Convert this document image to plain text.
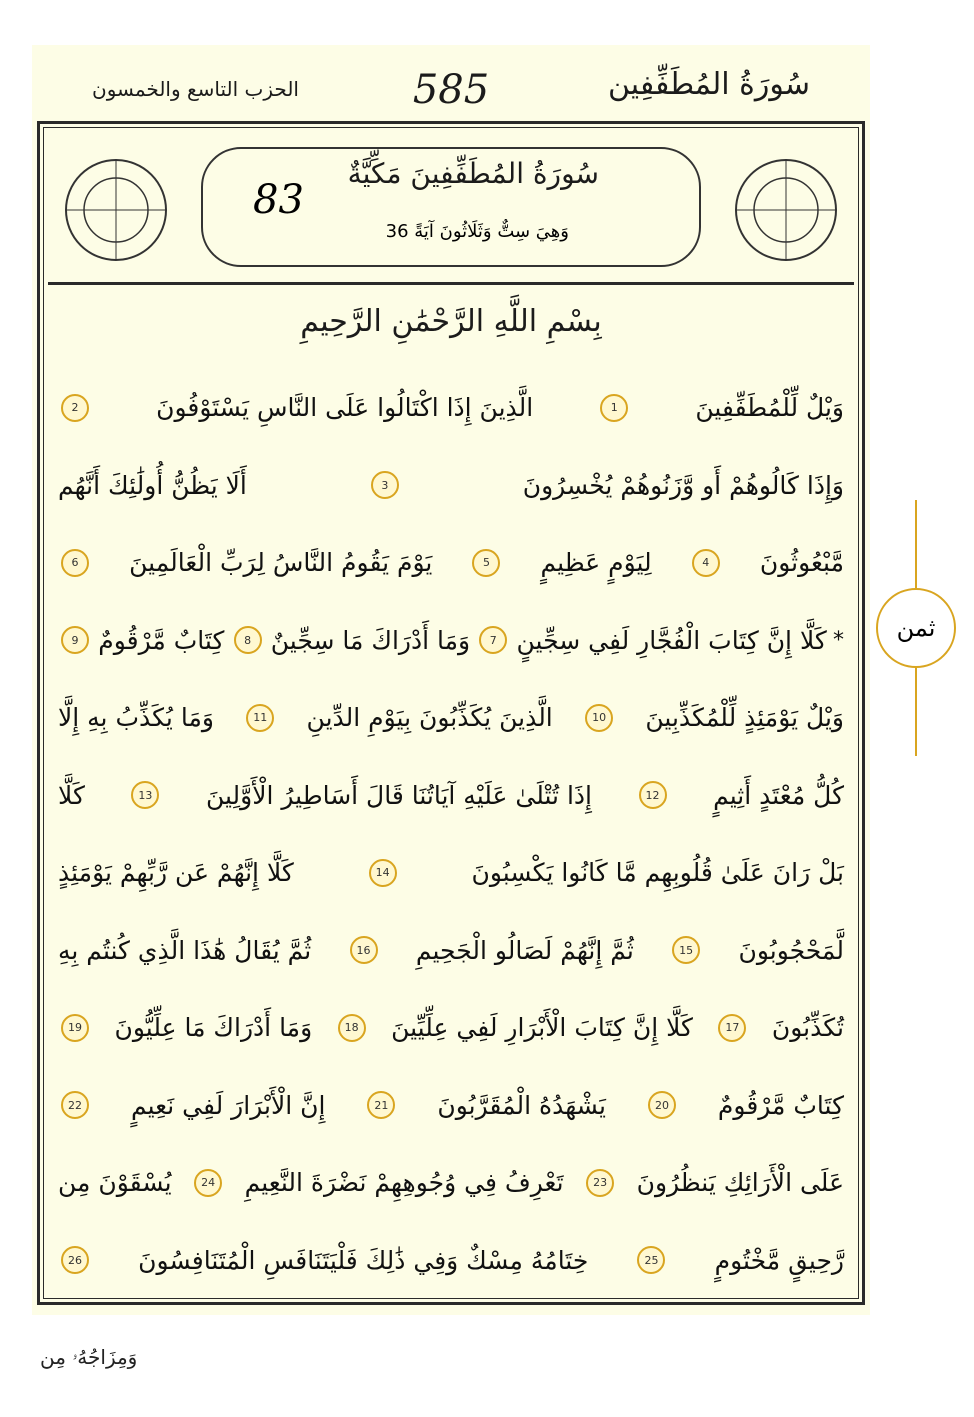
سُورَةُ المُطَفِّفِين
585
الحزب التاسع والخمسون
سُورَةُ المُطَفِّفِينَ مَكِّيَّةٌ
83
وَهِيَ سِتٌّ وَثَلَاثُونَ آيَةً 36
بِسْمِ اللَّهِ الرَّحْمَٰنِ الرَّحِيمِ
وَيْلٌ لِّلْمُطَفِّفِينَ
1
الَّذِينَ إِذَا اكْتَالُوا عَلَى النَّاسِ يَسْتَوْفُونَ
2
وَإِذَا كَالُوهُمْ أَو وَّزَنُوهُمْ يُخْسِرُونَ
3
أَلَا يَظُنُّ أُولَٰئِكَ أَنَّهُم
مَّبْعُوثُونَ
4
لِيَوْمٍ عَظِيمٍ
5
يَوْمَ يَقُومُ النَّاسُ لِرَبِّ الْعَالَمِينَ
6
*
كَلَّا إِنَّ كِتَابَ الْفُجَّارِ لَفِي سِجِّينٍ
7
وَمَا أَدْرَاكَ مَا سِجِّينٌ
8
كِتَابٌ مَّرْقُومٌ
9
وَيْلٌ يَوْمَئِذٍ لِّلْمُكَذِّبِينَ
10
الَّذِينَ يُكَذِّبُونَ بِيَوْمِ الدِّينِ
11
وَمَا يُكَذِّبُ بِهِ إِلَّا
كُلُّ مُعْتَدٍ أَثِيمٍ
12
إِذَا تُتْلَىٰ عَلَيْهِ آيَاتُنَا قَالَ أَسَاطِيرُ الْأَوَّلِينَ
13
كَلَّا
بَلْ رَانَ عَلَىٰ قُلُوبِهِم مَّا كَانُوا يَكْسِبُونَ
14
كَلَّا إِنَّهُمْ عَن رَّبِّهِمْ يَوْمَئِذٍ
لَّمَحْجُوبُونَ
15
ثُمَّ إِنَّهُمْ لَصَالُو الْجَحِيمِ
16
ثُمَّ يُقَالُ هَٰذَا الَّذِي كُنتُم بِهِ
تُكَذِّبُونَ
17
كَلَّا إِنَّ كِتَابَ الْأَبْرَارِ لَفِي عِلِّيِّينَ
18
وَمَا أَدْرَاكَ مَا عِلِّيُّونَ
19
كِتَابٌ مَّرْقُومٌ
20
يَشْهَدُهُ الْمُقَرَّبُونَ
21
إِنَّ الْأَبْرَارَ لَفِي نَعِيمٍ
22
عَلَى الْأَرَائِكِ يَنظُرُونَ
23
تَعْرِفُ فِي وُجُوهِهِمْ نَضْرَةَ النَّعِيمِ
24
يُسْقَوْنَ مِن
رَّحِيقٍ مَّخْتُومٍ
25
خِتَامُهُ مِسْكٌ وَفِي ذَٰلِكَ فَلْيَتَنَافَسِ الْمُتَنَافِسُونَ
26
ثمن
وَمِزَاجُهُۥ مِن
